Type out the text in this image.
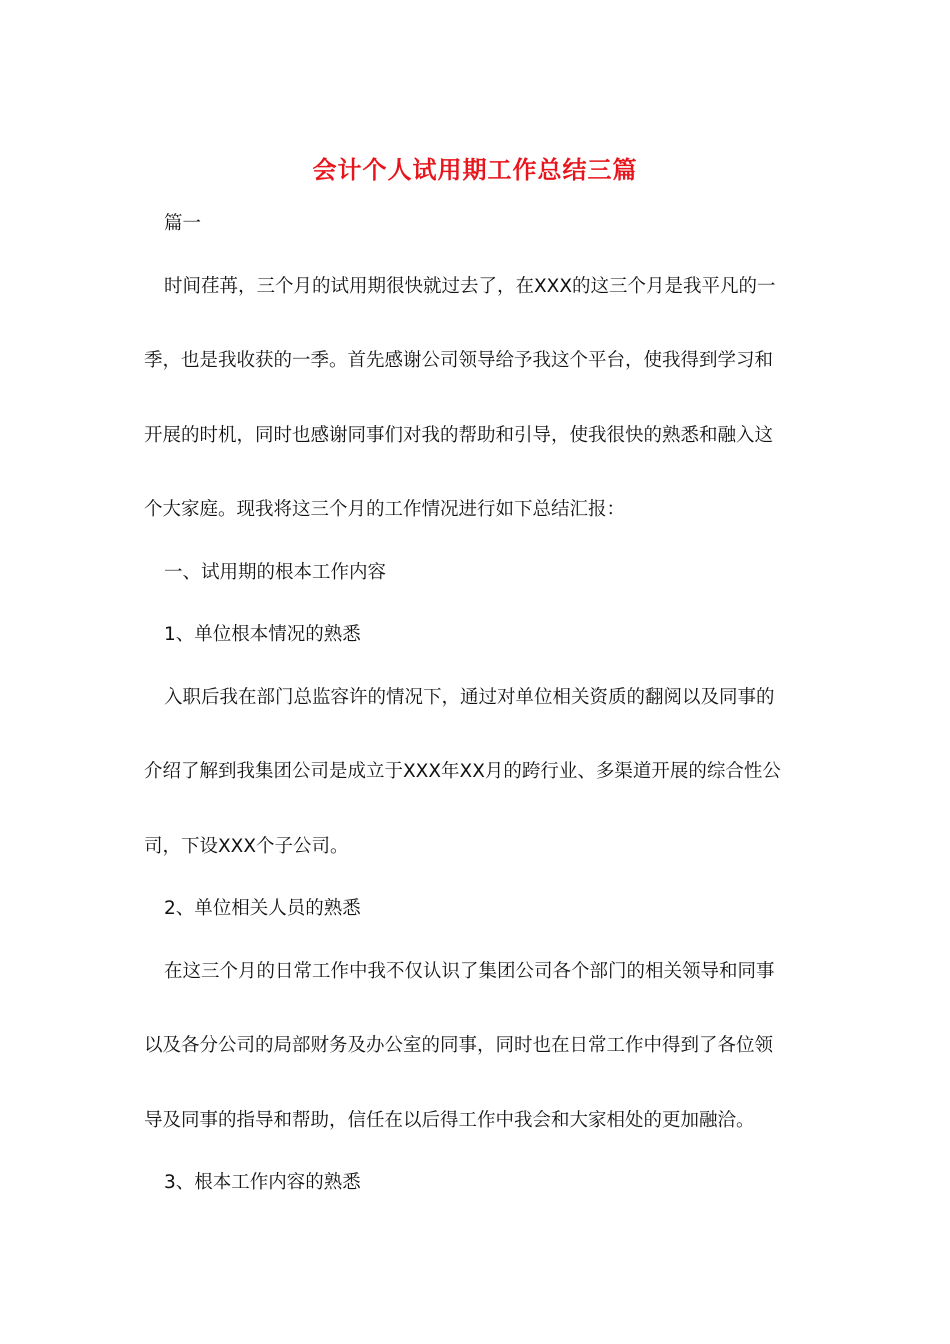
会计个人试用期工作总结三篇
篇一
时间荏苒，三个月的试用期很快就过去了，在XXX的这三个月是我平凡的一
季，也是我收获的一季。首先感谢公司领导给予我这个平台，使我得到学习和
开展的时机，同时也感谢同事们对我的帮助和引导，使我很快的熟悉和融入这
个大家庭。现我将这三个月的工作情况进行如下总结汇报：
一、试用期的根本工作内容
1、单位根本情况的熟悉
入职后我在部门总监容许的情况下，通过对单位相关资质的翻阅以及同事的
介绍了解到我集团公司是成立于XXX年XX月的跨行业、多渠道开展的综合性公
司，下设XXX个子公司。
2、单位相关人员的熟悉
在这三个月的日常工作中我不仅认识了集团公司各个部门的相关领导和同事
以及各分公司的局部财务及办公室的同事，同时也在日常工作中得到了各位领
导及同事的指导和帮助，信任在以后得工作中我会和大家相处的更加融洽。
3、根本工作内容的熟悉
